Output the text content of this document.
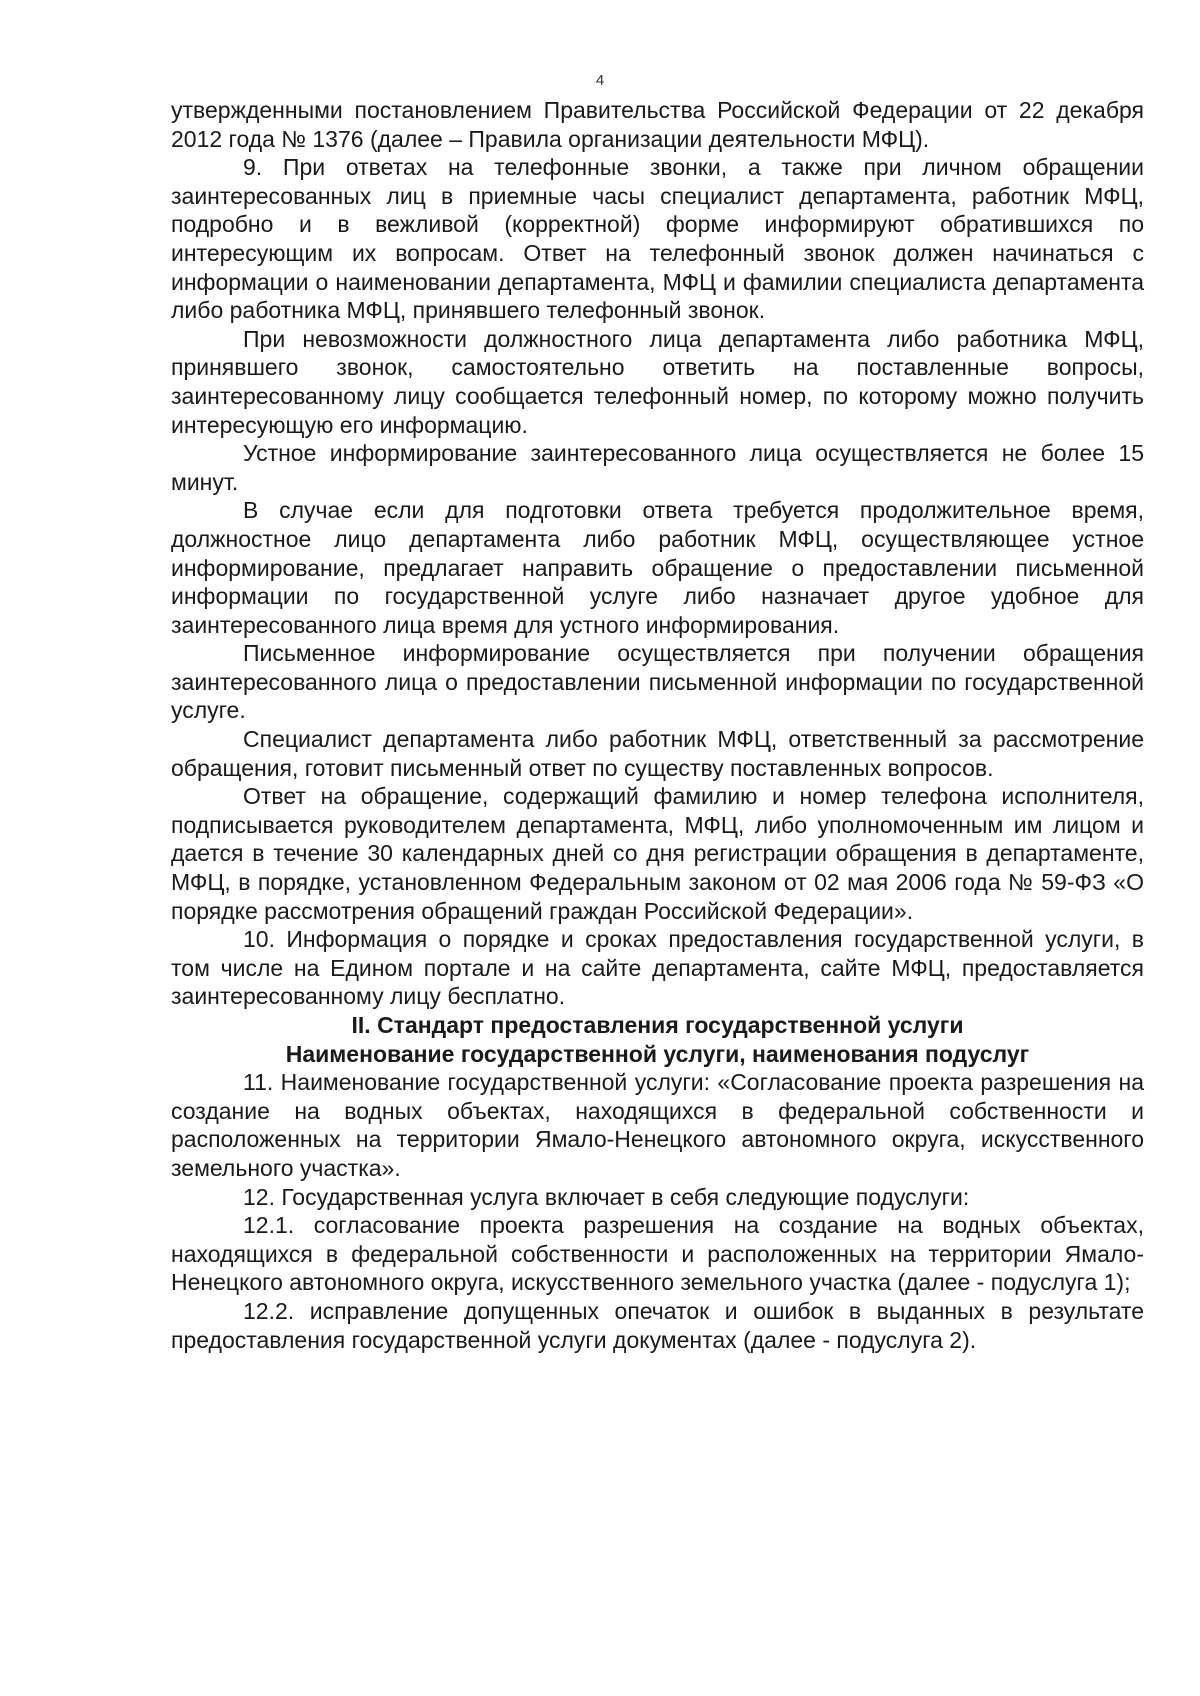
4

утвержденными постановлением Правительства Российской Федерации от 22 декабря 2012 года № 1376 (далее – Правила организации деятельности МФЦ).

9. При ответах на телефонные звонки, а также при личном обращении заинтересованных лиц в приемные часы специалист департамента, работник МФЦ, подробно и в вежливой (корректной) форме информируют обратившихся по интересующим их вопросам. Ответ на телефонный звонок должен начинаться с информации о наименовании департамента, МФЦ и фамилии специалиста департамента либо работника МФЦ, принявшего телефонный звонок.

При невозможности должностного лица департамента либо работника МФЦ, принявшего звонок, самостоятельно ответить на поставленные вопросы, заинтересованному лицу сообщается телефонный номер, по которому можно получить интересующую его информацию.

Устное информирование заинтересованного лица осуществляется не более 15 минут.

В случае если для подготовки ответа требуется продолжительное время, должностное лицо департамента либо работник МФЦ, осуществляющее устное информирование, предлагает направить обращение о предоставлении письменной информации по государственной услуге либо назначает другое удобное для заинтересованного лица время для устного информирования.

Письменное информирование осуществляется при получении обращения заинтересованного лица о предоставлении письменной информации по государственной услуге.

Специалист департамента либо работник МФЦ, ответственный за рассмотрение обращения, готовит письменный ответ по существу поставленных вопросов.

Ответ на обращение, содержащий фамилию и номер телефона исполнителя, подписывается руководителем департамента, МФЦ, либо уполномоченным им лицом и дается в течение 30 календарных дней со дня регистрации обращения в департаменте, МФЦ, в порядке, установленном Федеральным законом от 02 мая 2006 года № 59-ФЗ «О порядке рассмотрения обращений граждан Российской Федерации».

10. Информация о порядке и сроках предоставления государственной услуги, в том числе на Едином портале и на сайте департамента, сайте МФЦ, предоставляется заинтересованному лицу бесплатно.

II. Стандарт предоставления государственной услуги

Наименование государственной услуги, наименования подуслуг

11. Наименование государственной услуги: «Согласование проекта разрешения на создание на водных объектах, находящихся в федеральной собственности и расположенных на территории Ямало-Ненецкого автономного округа, искусственного земельного участка».

12. Государственная услуга включает в себя следующие подуслуги:

12.1. согласование проекта разрешения на создание на водных объектах, находящихся в федеральной собственности и расположенных на территории Ямало-Ненецкого автономного округа, искусственного земельного участка (далее - подуслуга 1);

12.2. исправление допущенных опечаток и ошибок в выданных в результате предоставления государственной услуги документах (далее - подуслуга 2).
